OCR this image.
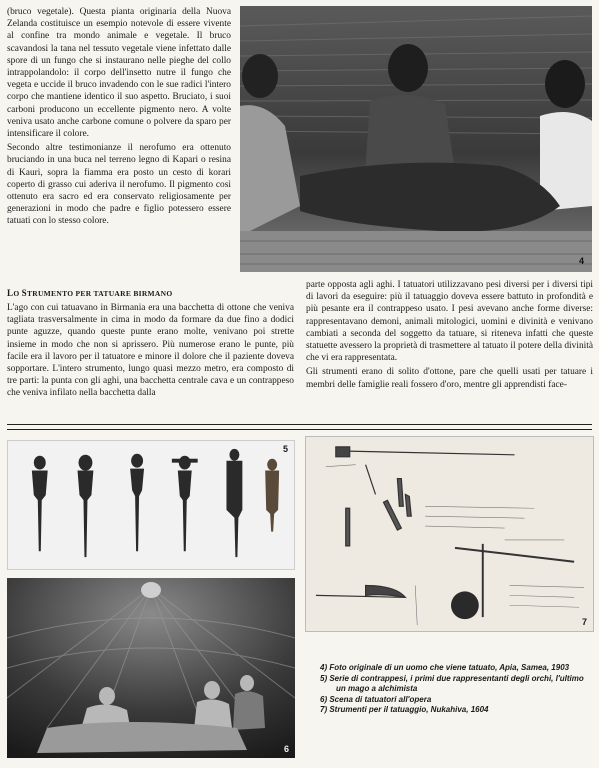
(bruco vegetale). Questa pianta originaria della Nuova Zelanda costituisce un esempio notevole di essere vivente al confine tra mondo animale e vegetale. Il bruco scavandosi la tana nel tessuto vegetale viene infettato dalle spore di un fungo che si instaurano nelle pieghe del collo intrappolandolo: il corpo dell'insetto nutre il fungo che vegeta e uccide il bruco invadendo con le sue radici l'intero corpo che mantiene identico il suo aspetto. Bruciato, i suoi carboni producono un eccellente pigmento nero. A volte veniva usato anche carbone comune o polvere da sparo per intensificare il colore.

Secondo altre testimonianze il nerofumo era ottenuto bruciando in una buca nel terreno legno di Kapari o resina di Kauri, sopra la fiamma era posto un cesto di korari coperto di grasso cui aderiva il nerofumo. Il pigmento così ottenuto era sacro ed era conservato religiosamente per generazioni in modo che padre e figlio potessero essere tatuati con lo stesso colore.

4
LO STRUMENTO PER TATUARE BIRMANO

L'ago con cui tatuavano in Birmania era una bacchetta di ottone che veniva tagliata trasversalmente in cima in modo da formare da due fino a dodici punte aguzze, quando queste punte erano molte, venivano poi strette insieme in modo che non si aprissero. Più numerose erano le punte, più facile era il lavoro per il tatuatore e minore il dolore che il paziente doveva sopportare. L'intero strumento, lungo quasi mezzo metro, era composto di tre parti: la punta con gli aghi, una bacchetta centrale cava e un contrappeso che veniva infilato nella bacchetta dalla

parte opposta agli aghi. I tatuatori utilizzavano pesi diversi per i diversi tipi di lavori da eseguire: più il tatuaggio doveva essere battuto in profondità e più pesante era il contrappeso usato. I pesi avevano anche forme diverse: rappresentavano demoni, animali mitologici, uomini e divinità e venivano cambiati a seconda del soggetto da tatuare, si riteneva infatti che queste statuette avessero la proprietà di trasmettere al tatuato il potere della divinità che vi era rappresentata.

Gli strumenti erano di solito d'ottone, pare che quelli usati per tatuare i membri delle famiglie reali fossero d'oro, mentre gli apprendisti face-

5
6
7
4) Foto originale di un uomo che viene tatuato, Apia, Samea, 1903
5) Serie di contrappesi, i primi due rappresentanti degli orchi, l'ultimo un mago a alchimista
6) Scena di tatuatori all'opera
7) Strumenti per il tatuaggio, Nukahiva, 1604
